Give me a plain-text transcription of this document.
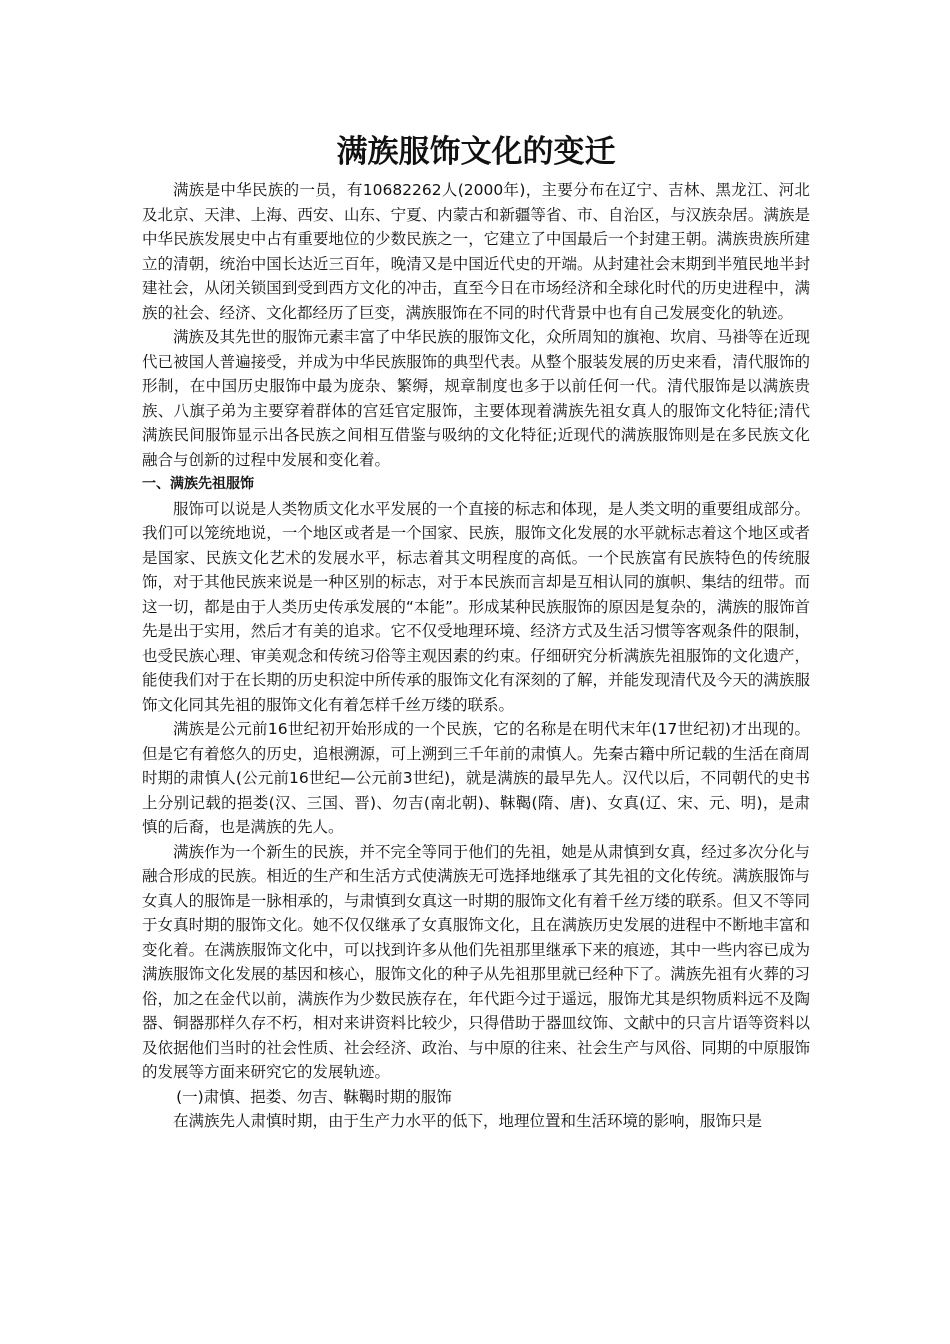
满族服饰文化的变迁

满族是中华民族的一员，有10682262人(2000年)，主要分布在辽宁、吉林、黑龙江、河北及北京、天津、上海、西安、山东、宁夏、内蒙古和新疆等省、市、自治区，与汉族杂居。满族是中华民族发展史中占有重要地位的少数民族之一，它建立了中国最后一个封建王朝。满族贵族所建立的清朝，统治中国长达近三百年，晚清又是中国近代史的开端。从封建社会末期到半殖民地半封建社会，从闭关锁国到受到西方文化的冲击，直至今日在市场经济和全球化时代的历史进程中，满族的社会、经济、文化都经历了巨变，满族服饰在不同的时代背景中也有自己发展变化的轨迹。

满族及其先世的服饰元素丰富了中华民族的服饰文化，众所周知的旗袍、坎肩、马褂等在近现代已被国人普遍接受，并成为中华民族服饰的典型代表。从整个服装发展的历史来看，清代服饰的形制，在中国历史服饰中最为庞杂、繁缛，规章制度也多于以前任何一代。清代服饰是以满族贵族、八旗子弟为主要穿着群体的宫廷官定服饰，主要体现着满族先祖女真人的服饰文化特征;清代满族民间服饰显示出各民族之间相互借鉴与吸纳的文化特征;近现代的满族服饰则是在多民族文化融合与创新的过程中发展和变化着。

一、满族先祖服饰

服饰可以说是人类物质文化水平发展的一个直接的标志和体现，是人类文明的重要组成部分。我们可以笼统地说，一个地区或者是一个国家、民族，服饰文化发展的水平就标志着这个地区或者是国家、民族文化艺术的发展水平，标志着其文明程度的高低。一个民族富有民族特色的传统服饰，对于其他民族来说是一种区别的标志，对于本民族而言却是互相认同的旗帜、集结的纽带。而这一切，都是由于人类历史传承发展的“本能”。形成某种民族服饰的原因是复杂的，满族的服饰首先是出于实用，然后才有美的追求。它不仅受地理环境、经济方式及生活习惯等客观条件的限制，也受民族心理、审美观念和传统习俗等主观因素的约束。仔细研究分析满族先祖服饰的文化遗产，能使我们对于在长期的历史积淀中所传承的服饰文化有深刻的了解，并能发现清代及今天的满族服饰文化同其先祖的服饰文化有着怎样千丝万缕的联系。

满族是公元前16世纪初开始形成的一个民族，它的名称是在明代末年(17世纪初)才出现的。但是它有着悠久的历史，追根溯源，可上溯到三千年前的肃慎人。先秦古籍中所记载的生活在商周时期的肃慎人(公元前16世纪—公元前3世纪)，就是满族的最早先人。汉代以后，不同朝代的史书上分别记载的挹娄(汉、三国、晋)、勿吉(南北朝)、靺鞨(隋、唐)、女真(辽、宋、元、明)，是肃慎的后裔，也是满族的先人。

满族作为一个新生的民族，并不完全等同于他们的先祖，她是从肃慎到女真，经过多次分化与融合形成的民族。相近的生产和生活方式使满族无可选择地继承了其先祖的文化传统。满族服饰与女真人的服饰是一脉相承的，与肃慎到女真这一时期的服饰文化有着千丝万缕的联系。但又不等同于女真时期的服饰文化。她不仅仅继承了女真服饰文化，且在满族历史发展的进程中不断地丰富和变化着。在满族服饰文化中，可以找到许多从他们先祖那里继承下来的痕迹，其中一些内容已成为满族服饰文化发展的基因和核心，服饰文化的种子从先祖那里就已经种下了。满族先祖有火葬的习俗，加之在金代以前，满族作为少数民族存在，年代距今过于遥远，服饰尤其是织物质料远不及陶器、铜器那样久存不朽，相对来讲资料比较少，只得借助于器皿纹饰、文献中的只言片语等资料以及依据他们当时的社会性质、社会经济、政治、与中原的往来、社会生产与风俗、同期的中原服饰的发展等方面来研究它的发展轨迹。

(一)肃慎、挹娄、勿吉、靺鞨时期的服饰

在满族先人肃慎时期，由于生产力水平的低下，地理位置和生活环境的影响，服饰只是
